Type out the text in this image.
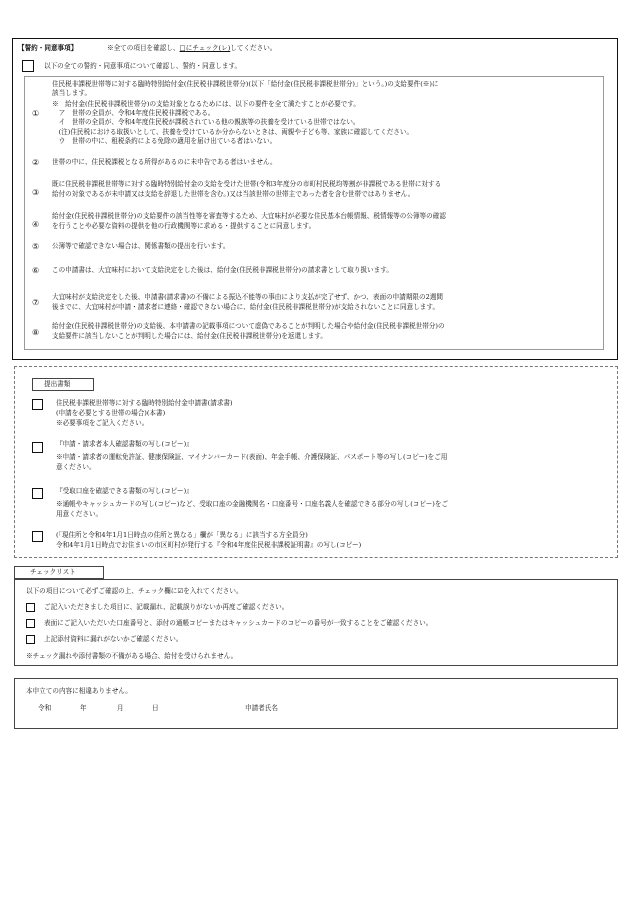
【誓約・同意事項】	※全ての項目を確認し、□にチェック(レ)してください。
以下の全ての誓約・同意事項について確認し、誓約・同意します。
①
住民税非課税世帯等に対する臨時特別給付金(住民税非課税世帯分)(以下「給付金(住民税非課税世帯分)」という。)の支給要件(※)に
該当します。
※　給付金(住民税非課税世帯分)の支給対象となるためには、以下の要件を全て満たすことが必要です。
　ア　世帯の全員が、令和4年度住民税非課税である。
　イ　世帯の全員が、令和4年度住民税が課税されている他の親族等の扶養を受けている世帯ではない。
　(注)住民税における取扱いとして、扶養を受けているか分からないときは、両親や子ども等、家族に確認してください。
　ウ　世帯の中に、租税条約による免除の適用を届け出ている者はいない。
② 世帯の中に、住民税課税となる所得があるのに未申告である者はいません。
③
既に住民税非課税世帯等に対する臨時特別給付金の支給を受けた世帯(令和3年度分の市町村民税均等割が非課税である世帯に対する
給付の対象であるが未申請又は支給を辞退した世帯を含む。)又は当該世帯の世帯主であった者を含む世帯ではありません。
④
給付金(住民税非課税世帯分)の支給要件の該当性等を審査等するため、大宜味村が必要な住民基本台帳情報、税情報等の公簿等の確認
を行うことや必要な資料の提供を他の行政機関等に求める・提供することに同意します。
⑤ 公簿等で確認できない場合は、関係書類の提出を行います。
⑥ この申請書は、大宜味村において支給決定をした後は、給付金(住民税非課税世帯分)の請求書として取り扱います。
⑦
大宜味村が支給決定をした後、申請書(請求書)の不備による振込不能等の事由により支払が完了せず、かつ、表面の申請期限の2週間
後までに、大宜味村が申請・請求者に連絡・確認できない場合に、給付金(住民税非課税世帯分)が支給されないことに同意します。
⑧
給付金(住民税非課税世帯分)の支給後、本申請書の記載事項について虚偽であることが判明した場合や給付金(住民税非課税世帯分)の
支給要件に該当しないことが判明した場合には、給付金(住民税非課税世帯分)を返還します。
提出書類
住民税非課税世帯等に対する臨時特別給付金申請書(請求書)
(申請を必要とする世帯の場合)(本書)
※必要事項をご記入ください。
『申請・請求者本人確認書類の写し(コピー)』
※申請・請求者の運転免許証、健康保険証、マイナンバーカード(表面)、年金手帳、介護保険証、パスポート等の写し(コピー)をご用
意ください。
『受取口座を確認できる書類の写し(コピー)』
※通帳やキャッシュカードの写し(コピー)など、受取口座の金融機関名・口座番号・口座名義人を確認できる部分の写し(コピー)をご
用意ください。
(「現住所と令和4年1月1日時点の住所と異なる」欄が「異なる」に該当する方全員分)
令和4年1月1日時点でお住まいの市区町村が発行する『令和4年度住民税非課税証明書』の写し(コピー)
チェックリスト
以下の項目について必ずご確認の上、チェック欄に☑を入れてください。
ご記入いただきました項目に、記載漏れ、記載誤りがないか再度ご確認ください。
表面にご記入いただいた口座番号と、添付の通帳コピーまたはキャッシュカードのコピーの番号が一致することをご確認ください。
上記添付資料に漏れがないかご確認ください。
※チェック漏れや添付書類の不備がある場合、給付を受けられません。
本申立ての内容に相違ありません。
令和	年	月	日	申請者氏名
